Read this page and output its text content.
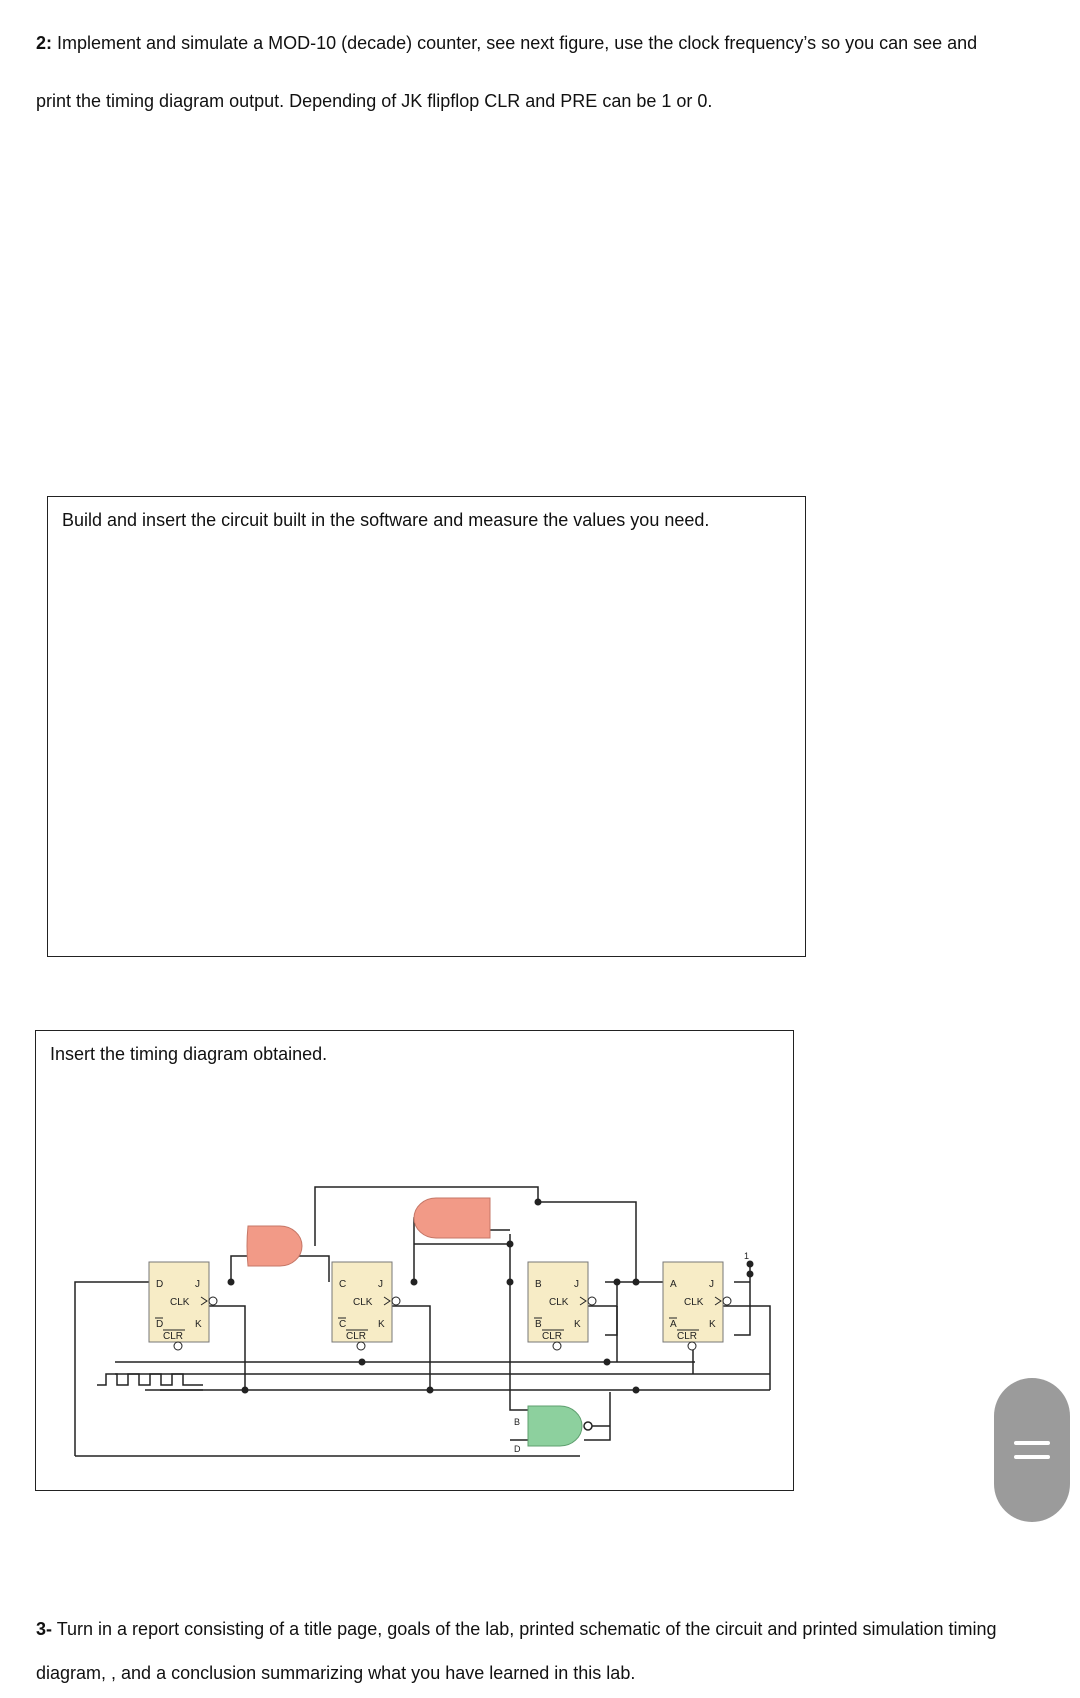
2: Implement and simulate a MOD-10 (decade) counter, see next figure, use the clock frequency’s so you can see and
print the timing diagram output. Depending of JK flipflop CLR and PRE can be 1 or 0.
Build and insert the circuit built in the software and measure the values you need.
Insert the timing diagram obtained.
D	J
CLK
D	K
CLR
C	J
CLK
C	K
CLR
B	J
CLK
B	K
CLR
A	J
CLK
A	K
CLR
1
B
D
3- Turn in a report consisting of a title page, goals of the lab, printed schematic of the circuit and printed simulation timing
diagram, , and a conclusion summarizing what you have learned in this lab.
